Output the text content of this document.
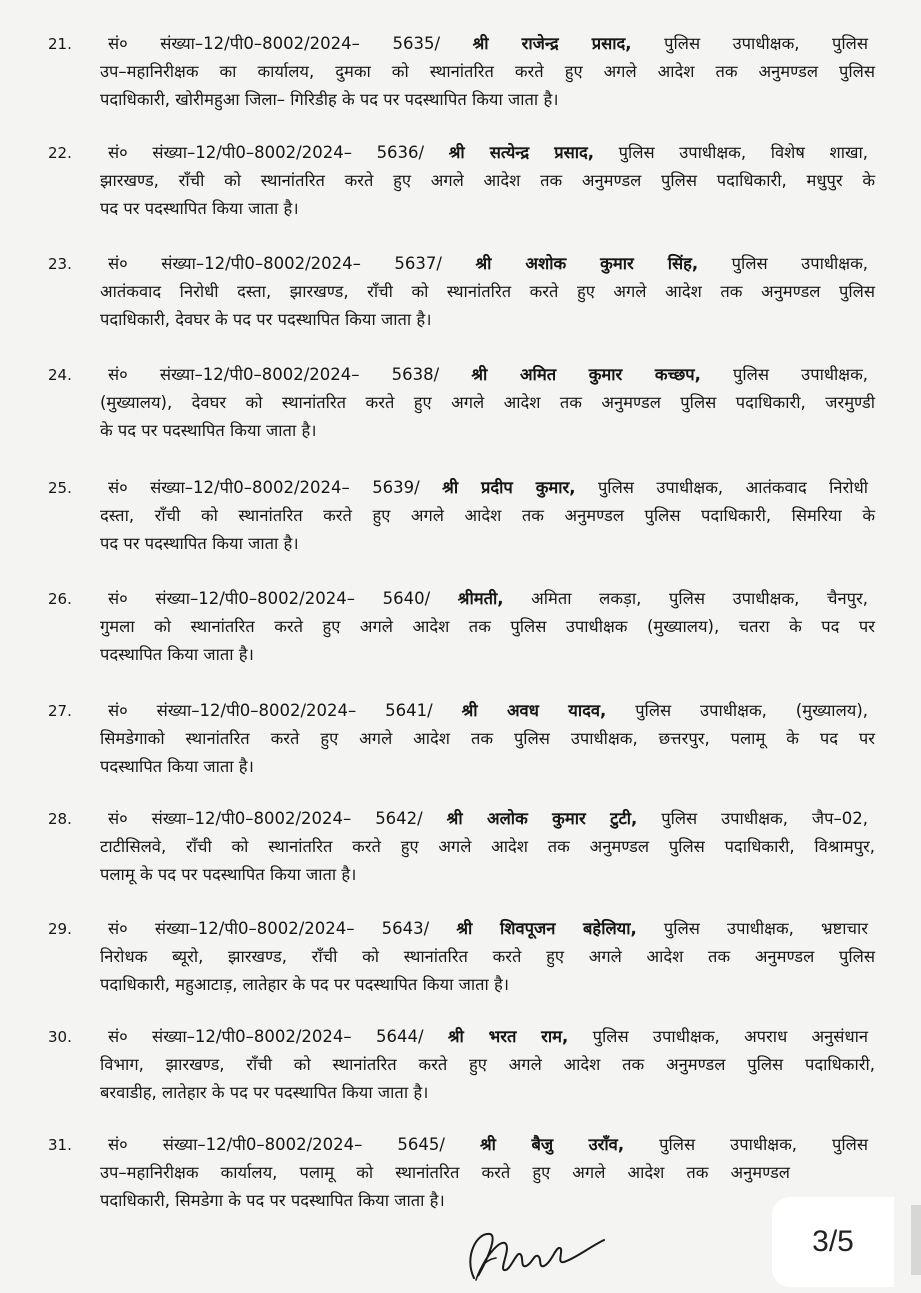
21. सं० संख्या–12/पी0–8002/2024– 5635/ श्री राजेन्द्र प्रसाद, पुलिस उपाधीक्षक, पुलिस
उप–महानिरीक्षक का कार्यालय, दुमका को स्थानांतरित करते हुए अगले आदेश तक अनुमण्डल पुलिस
पदाधिकारी, खोरीमहुआ जिला– गिरिडीह के पद पर पदस्थापित किया जाता है।
22. सं० संख्या–12/पी0–8002/2024– 5636/ श्री सत्येन्द्र प्रसाद, पुलिस उपाधीक्षक, विशेष शाखा,
झारखण्ड, राँची को स्थानांतरित करते हुए अगले आदेश तक अनुमण्डल पुलिस पदाधिकारी, मधुपुर के
पद पर पदस्थापित किया जाता है।
23. सं० संख्या–12/पी0–8002/2024– 5637/ श्री अशोक कुमार सिंह, पुलिस उपाधीक्षक,
आतंकवाद निरोधी दस्ता, झारखण्ड, राँची को स्थानांतरित करते हुए अगले आदेश तक अनुमण्डल पुलिस
पदाधिकारी, देवघर के पद पर पदस्थापित किया जाता है।
24. सं० संख्या–12/पी0–8002/2024– 5638/ श्री अमित कुमार कच्छप, पुलिस उपाधीक्षक,
(मुख्यालय), देवघर को स्थानांतरित करते हुए अगले आदेश तक अनुमण्डल पुलिस पदाधिकारी, जरमुण्डी
के पद पर पदस्थापित किया जाता है।
25. सं० संख्या–12/पी0–8002/2024– 5639/ श्री प्रदीप कुमार, पुलिस उपाधीक्षक, आतंकवाद निरोधी
दस्ता, राँची को स्थानांतरित करते हुए अगले आदेश तक अनुमण्डल पुलिस पदाधिकारी, सिमरिया के
पद पर पदस्थापित किया जाता है।
26. सं० संख्या–12/पी0–8002/2024– 5640/ श्रीमती, अमिता लकड़ा, पुलिस उपाधीक्षक, चैनपुर,
गुमला को स्थानांतरित करते हुए अगले आदेश तक पुलिस उपाधीक्षक (मुख्यालय), चतरा के पद पर
पदस्थापित किया जाता है।
27. सं० संख्या–12/पी0–8002/2024– 5641/ श्री अवध यादव, पुलिस उपाधीक्षक, (मुख्यालय),
सिमडेगाको स्थानांतरित करते हुए अगले आदेश तक पुलिस उपाधीक्षक, छत्तरपुर, पलामू के पद पर
पदस्थापित किया जाता है।
28. सं० संख्या–12/पी0–8002/2024– 5642/ श्री अलोक कुमार टुटी, पुलिस उपाधीक्षक, जैप–02,
टाटीसिलवे, राँची को स्थानांतरित करते हुए अगले आदेश तक अनुमण्डल पुलिस पदाधिकारी, विश्रामपुर,
पलामू के पद पर पदस्थापित किया जाता है।
29. सं० संख्या–12/पी0–8002/2024– 5643/ श्री शिवपूजन बहेलिया, पुलिस उपाधीक्षक, भ्रष्टाचार
निरोधक ब्यूरो, झारखण्ड, राँची को स्थानांतरित करते हुए अगले आदेश तक अनुमण्डल पुलिस
पदाधिकारी, महुआटाड़, लातेहार के पद पर पदस्थापित किया जाता है।
30. सं० संख्या–12/पी0–8002/2024– 5644/ श्री भरत राम, पुलिस उपाधीक्षक, अपराध अनुसंधान
विभाग, झारखण्ड, राँची को स्थानांतरित करते हुए अगले आदेश तक अनुमण्डल पुलिस पदाधिकारी,
बरवाडीह, लातेहार के पद पर पदस्थापित किया जाता है।
31. सं० संख्या–12/पी0–8002/2024– 5645/ श्री बैजु उराँव, पुलिस उपाधीक्षक, पुलिस
उप–महानिरीक्षक कार्यालय, पलामू को स्थानांतरित करते हुए अगले आदेश तक अनुमण्डल
पदाधिकारी, सिमडेगा के पद पर पदस्थापित किया जाता है।
3/5
